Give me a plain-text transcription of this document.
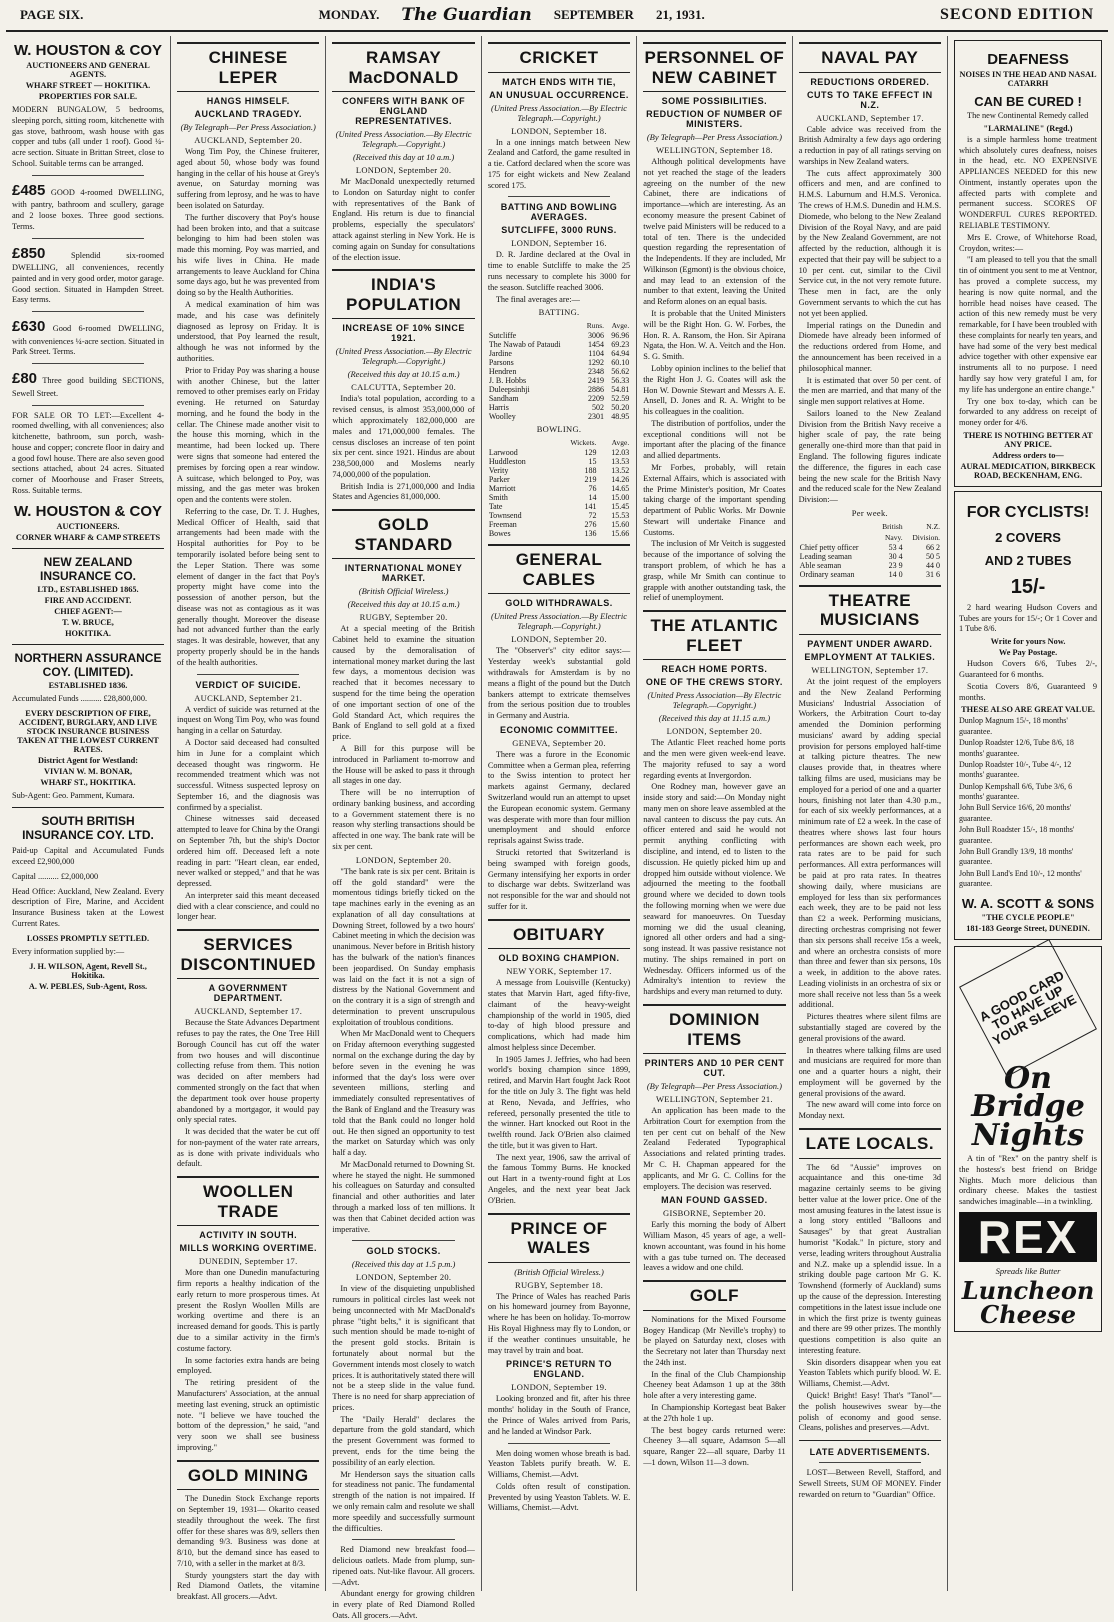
PAGE SIX.	MONDAY. The Guardian SEPTEMBER 21, 1931.	SECOND EDITION
W. HOUSTON & COY
AUCTIONEERS AND GENERAL AGENTS.
WHARF STREET — HOKITIKA.
PROPERTIES FOR SALE.
MODERN BUNGALOW, 5 bedrooms, sleeping porch, sitting room, kitchenette with gas stove, bathroom, wash house with gas copper and tubs (all under 1 roof). Good ¼-acre section. Situate in Brittan Street, close to School. Suitable terms can be arranged.
£485 GOOD 4-roomed DWELLING, with pantry, bathroom and scullery, garage and 2 loose boxes. Three good sections. Terms.
£850	Splendid six-roomed DWELLING, all conveniences, recently painted and in very good order, motor garage. Good section. Situated in Hampden Street. Easy terms.
£630 Good 6-roomed DWELLING, with conveniences ¼-acre section. Situated in Park Street. Terms.
£80 Three good building SECTIONS, Sewell Street.
FOR SALE OR TO LET:—Excellent 4-roomed dwelling, with all conveniences; also kitchenette, bathroom, sun porch, wash-house and copper; concrete floor in dairy and a good fowl house. There are also seven good sections attached, about 24 acres. Situated corner of Moorhouse and Fraser Streets, Ross. Suitable terms.
W. HOUSTON & COY
AUCTIONEERS.
CORNER WHARF & CAMP STREETS
NEW ZEALAND INSURANCE CO.
LTD., ESTABLISHED 1865.
FIRE AND ACCIDENT.
CHIEF AGENT:—
T. W. BRUCE,
HOKITIKA.
NORTHERN ASSURANCE COY. (LIMITED).
ESTABLISHED 1836.
Accumulated Funds .......... £28,800,000.
EVERY DESCRIPTION OF FIRE, ACCIDENT, BURGLARY, AND LIVE STOCK INSURANCE BUSINESS TAKEN AT THE LOWEST CURRENT RATES.
District Agent for Westland:
VIVIAN W. M. BONAR,
WHARF ST., HOKITIKA.
Sub-Agent: Geo. Pamment, Kumara.
SOUTH BRITISH INSURANCE COY. LTD.
Paid-up Capital and Accumulated Funds exceed £2,900,000
Capital .......... £2,000,000
Head Office: Auckland, New Zealand. Every description of Fire, Marine, and Accident Insurance Business taken at the Lowest Current Rates.
LOSSES PROMPTLY SETTLED.
Every information supplied by:—
J. H. WILSON, Agent, Revell St., Hokitika.
A. W. PEBLES, Sub-Agent, Ross.
CHINESE LEPER
HANGS HIMSELF.
AUCKLAND TRAGEDY.
(By Telegraph—Per Press Association.)
AUCKLAND, September 20.

Wong Tim Poy, the Chinese fruiterer, aged about 50, whose body was found hanging in the cellar of his house at Grey's avenue, on Saturday morning was suffering from leprosy, and he was to have been isolated on Saturday.

The further discovery that Poy's house had been broken into, and that a suitcase belonging to him had been stolen was made this morning. Poy was married, and his wife lives in China. He made arrangements to leave Auckland for China some days ago, but he was prevented from doing so by the Health Authorities.

A medical examination of him was made, and his case was definitely diagnosed as leprosy on Friday. It is understood, that Poy learned the result, although he was not informed by the authorities.

Prior to Friday Poy was sharing a house with another Chinese, but the latter removed to other premises early on Friday evening. He returned on Saturday morning, and he found the body in the cellar. The Chinese made another visit to the house this morning, which in the meantime, had been locked up. There were signs that someone had entered the premises by forcing open a rear window. A suitcase, which belonged to Poy, was missing, and the gas meter was broken open and the contents were stolen.

Referring to the case, Dr. T. J. Hughes, Medical Officer of Health, said that arrangements had been made with the Hospital authorities for Poy to be temporarily isolated before being sent to the Leper Station. There was some element of danger in the fact that Poy's property might have come into the possession of another person, but the disease was not as contagious as it was generally thought. Moreover the disease had not advanced further than the early stages. It was desirable, however, that any property properly should be in the hands of the health authorities.

VERDICT OF SUICIDE.
AUCKLAND, September 21.

A verdict of suicide was returned at the inquest on Wong Tim Poy, who was found hanging in a cellar on Saturday.

A Doctor said deceased had consulted him in June for a complaint which deceased thought was ringworm. He recommended treatment which was not successful. Witness suspected leprosy on September 16, and the diagnosis was confirmed by a specialist.

Chinese witnesses said deceased attempted to leave for China by the Orangi on September 7th, but the ship's Doctor ordered him off. Deceased left a note reading in part: "Heart clean, ear ended, never walked or stepped," and that he was depressed.

An interpreter said this meant deceased died with a clear conscience, and could no longer hear.

SERVICES DISCONTINUED
A GOVERNMENT DEPARTMENT.
AUCKLAND, September 17.

Because the State Advances Department refuses to pay the rates, the One Tree Hill Borough Council has cut off the water from two houses and will discontinue collecting refuse from them. This notion was decided on after members had commented strongly on the fact that when the department took over house property abandoned by a mortgagor, it would pay only special rates.

It was decided that the water be cut off for non-payment of the water rate arrears, as is done with private individuals who default.

WOOLLEN TRADE
ACTIVITY IN SOUTH.
MILLS WORKING OVERTIME.
DUNEDIN, September 17.

More than one Dunedin manufacturing firm reports a healthy indication of the early return to more prosperous times. At present the Roslyn Woollen Mills are working overtime and there is an increased demand for goods. This is partly due to a similar activity in the firm's costume factory.

In some factories extra hands are being employed.

The retiring president of the Manufacturers' Association, at the annual meeting last evening, struck an optimistic note. "I believe we have touched the bottom of the depression," he said, "and very soon we shall see business improving."

GOLD MINING

The Dunedin Stock Exchange reports on September 19, 1931— Okarito ceased steadily throughout the week. The first offer for these shares was 8/9, sellers then demanding 9/3. Business was done at 8/10, but the demand since has eased to 7/10, with a seller in the market at 8/3.

Sturdy youngsters start the day with Red Diamond Oatlets, the vitamine breakfast. All grocers.—Advt.

RAMSAY MacDONALD
CONFERS WITH BANK OF ENGLAND REPRESENTATIVES.
(United Press Association.—By Electric Telegraph.—Copyright.)
(Received this day at 10 a.m.)
LONDON, September 20.

Mr MacDonald unexpectedly returned to London on Saturday night to confer with representatives of the Bank of England. His return is due to financial problems, especially the speculators' attack against sterling in New York. He is coming again on Sunday for consultations of the election issue.

INDIA'S POPULATION
INCREASE OF 10% SINCE 1921.
(United Press Association.—By Electric Telegraph.—Copyright.)
(Received this day at 10.15 a.m.)
CALCUTTA, September 20.

India's total population, according to a revised census, is almost 353,000,000 of which approximately 182,000,000 are males and 171,000,000 females. The census discloses an increase of ten point six per cent. since 1921. Hindus are about 238,500,000 and Moslems nearly 74,000,000 of the population.

British India is 271,000,000 and India States and Agencies 81,000,000.

GOLD STANDARD
INTERNATIONAL MONEY MARKET.
(British Official Wireless.)
(Received this day at 10.15 a.m.)
RUGBY, September 20.

At a special meeting of the British Cabinet held to examine the situation caused by the demoralisation of international money market during the last few days, a momentous decision was reached that it becomes necessary to suspend for the time being the operation of one important section of one of the Gold Standard Act, which requires the Bank of England to sell gold at a fixed price.

A Bill for this purpose will be introduced in Parliament to-morrow and the House will be asked to pass it through all stages in one day.

There will be no interruption of ordinary banking business, and according to a Government statement there is no reason why sterling transactions should be affected in one way. The bank rate will be six per cent.

LONDON, September 20.

"The bank rate is six per cent. Britain is off the gold standard" were the momentous tidings briefly ticked on the tape machines early in the evening as an explanation of all day consultations at Downing Street, followed by a two hours' Cabinet meeting in which the decision was unanimous. Never before in British history has the bulwark of the nation's finances been jeopardised. On Sunday emphasis was laid on the fact it is not a sign of distress by the National Government and on the contrary it is a sign of strength and determination to prevent unscrupulous exploitation of troublous conditions.

When Mr MacDonald went to Chequers on Friday afternoon everything suggested normal on the exchange during the day by before seven in the evening he was informed that the day's loss were over seventeen millions, sterling and immediately consulted representatives of the Bank of England and the Treasury was told that the Bank could no longer hold out. He then signed an opportunity to test the market on Saturday which was only half a day.

Mr MacDonald returned to Downing St. where he stayed the night. He summoned his colleagues on Saturday and consulted financial and other authorities and later through a marked loss of ten millions. It was then that Cabinet decided action was imperative.

GOLD STOCKS.
(Received this day at 1.5 p.m.)
LONDON, September 20.

In view of the disquieting unpublished rumours in political circles last week not being unconnected with Mr MacDonald's phrase "tight belts," it is significant that such mention should be made to-night of the present gold stocks. Britain is fortunately about normal but the Government intends most closely to watch prices. It is authoritatively stated there will not be a steep slide in the value fund. There is no need for sharp appreciation of prices.

The "Daily Herald" declares the departure from the gold standard, which the present Government was formed to prevent, ends for the time being the possibility of an early election.

Mr Henderson says the situation calls for steadiness not panic. The fundamental strength of the nation is not impaired. If we only remain calm and resolute we shall more speedily and successfully surmount the difficulties.

Red Diamond new breakfast food—delicious oatlets. Made from plump, sun-ripened oats. Nut-like flavour. All grocers.—Advt.

Abundant energy for growing children in every plate of Red Diamond Rolled Oats. All grocers.—Advt.

CRICKET
MATCH ENDS WITH TIE,
AN UNUSUAL OCCURRENCE.
(United Press Association.—By Electric Telegraph.—Copyright.)
LONDON, September 18.

In a one innings match between New Zealand and Catford, the game resulted in a tie. Catford declared when the score was 175 for eight wickets and New Zealand scored 175.

BATTING AND BOWLING AVERAGES.
SUTCLIFFE, 3000 RUNS.
LONDON, September 16.

D. R. Jardine declared at the Oval in time to enable Sutcliffe to make the 25 runs necessary to complete his 3000 for the season. Sutcliffe reached 3006.

The final averages are:—

BATTING.
	Runs.	Avge.
Sutcliffe	3006	96.96
The Nawab of Pataudi	1454	69.23
Jardine	1104	64.94
Parsons	1292	60.10
Hendren	2348	56.62
J. B. Hobbs	2419	56.33
Duleepsinhji	2886	54.81
Sandham	2209	52.59
Harris	502	50.20
Woolley	2301	48.95
BOWLING.
	Wickets.	Avge.
Larwood	129	12.03
Huddleston	15	13.53
Verity	188	13.52
Parker	219	14.26
Marriott	76	14.65
Smith	14	15.00
Tate	141	15.45
Townsend	72	15.53
Freeman	276	15.60
Bowes	136	15.66
GENERAL CABLES
GOLD WITHDRAWALS.
(United Press Association.—By Electric Telegraph.—Copyright.)
LONDON, September 20.

The "Observer's" city editor says:— Yesterday week's substantial gold withdrawals for Amsterdam is by no means a flight of the pound but the Dutch bankers attempt to extricate themselves from the serious position due to troubles in Germany and Austria.

ECONOMIC COMMITTEE.
GENEVA, September 20.

There was a furore in the Economic Committee when a German plea, referring to the Swiss intention to protect her markets against Germany, declared Switzerland would run an attempt to upset the European economic system. Germany was desperate with more than four million unemployment and should enforce reprisals against Swiss trade.

Strucki retorted that Switzerland is being swamped with foreign goods, Germany intensifying her exports in order to discharge war debts. Switzerland was not responsible for the war and should not suffer for it.

OBITUARY
OLD BOXING CHAMPION.
NEW YORK, September 17.

A message from Louisville (Kentucky) states that Marvin Hart, aged fifty-five, claimant of the heavy-weight championship of the world in 1905, died to-day of high blood pressure and complications, which had made him almost helpless since December.

In 1905 James J. Jeffries, who had been world's boxing champion since 1899, retired, and Marvin Hart fought Jack Root for the title on July 3. The fight was held at Reno, Nevada, and Jeffries, who refereed, personally presented the title to the winner. Hart knocked out Root in the twelfth round. Jack O'Brien also claimed the title, but it was given to Hart.

The next year, 1906, saw the arrival of the famous Tommy Burns. He knocked out Hart in a twenty-round fight at Los Angeles, and the next year beat Jack O'Brien.

PRINCE OF WALES
(British Official Wireless.)
RUGBY, September 18.

The Prince of Wales has reached Paris on his homeward journey from Bayonne, where he has been on holiday. To-morrow His Royal Highness may fly to London, or if the weather continues unsuitable, he may travel by train and boat.

PRINCE'S RETURN TO ENGLAND.
LONDON, September 19.

Looking bronzed and fit, after his three months' holiday in the South of France, the Prince of Wales arrived from Paris, and he landed at Windsor Park.

Men doing women whose breath is bad. Yeaston Tablets purify breath. W. E. Williams, Chemist.—Advt.

Colds often result of constipation. Prevented by using Yeaston Tablets. W. E. Williams, Chemist.—Advt.

PERSONNEL OF NEW CABINET
SOME POSSIBILITIES.
REDUCTION OF NUMBER OF MINISTERS.
(By Telegraph—Per Press Association.)
WELLINGTON, September 18.

Although political developments have not yet reached the stage of the leaders agreeing on the number of the new Cabinet, there are indications of importance—which are interesting. As an economy measure the present Cabinet of twelve paid Ministers will be reduced to a total of ten. There is the undecided question regarding the representation of the Independents. If they are included, Mr Wilkinson (Egmont) is the obvious choice, and may lead to an extension of the number to that extent, leaving the United and Reform alones on an equal basis.

It is probable that the United Ministers will be the Right Hon. G. W. Forbes, the Hon. R. A. Ransom, the Hon. Sir Apirana Ngata, the Hon. W. A. Veitch and the Hon. S. G. Smith.

Lobby opinion inclines to the belief that the Right Hon J. G. Coates will ask the Hon W. Downie Stewart and Messrs A. E. Ansell, D. Jones and R. A. Wright to be his colleagues in the coalition.

The distribution of portfolios, under the exceptional conditions will not be important after the placing of the finance and allied departments.

Mr Forbes, probably, will retain External Affairs, which is associated with the Prime Minister's position, Mr Coates taking charge of the important spending department of Public Works. Mr Downie Stewart will undertake Finance and Customs.

The inclusion of Mr Veitch is suggested because of the importance of solving the transport problem, of which he has a grasp, while Mr Smith can continue to grapple with another outstanding task, the relief of unemployment.

THE ATLANTIC FLEET
REACH HOME PORTS.
ONE OF THE CREWS STORY.
(United Press Association—By Electric Telegraph.—Copyright.)
(Received this day at 11.15 a.m.)
LONDON, September 20.

The Atlantic Fleet reached home ports and the men were given week-end leave. The majority refused to say a word regarding events at Invergordon.

One Rodney man, however gave an inside story and said:—On Monday night many men on shore leave assembled at the naval canteen to discuss the pay cuts. An officer entered and said he would not permit anything conflicting with discipline, and intend, ed to listen to the discussion. He quietly picked him up and dropped him outside without violence. We adjourned the meeting to the football ground where we decided to down tools the following morning when we were due seaward for manoeuvres. On Tuesday morning we did the usual cleaning, ignored all other orders and had a sing-song instead. It was passive resistance not mutiny. The ships remained in port on Wednesday. Officers informed us of the Admiralty's intention to review the hardships and every man returned to duty.

DOMINION ITEMS
PRINTERS AND 10 PER CENT CUT.
(By Telegraph—Per Press Association.)
WELLINGTON, September 21.

An application has been made to the Arbitration Court for exemption from the ten per cent cut on behalf of the New Zealand Federated Typographical Associations and related printing trades. Mr C. H. Chapman appeared for the applicants, and Mr G. C. Collins for the employers. The decision was reserved.

MAN FOUND GASSED.
GISBORNE, September 20.

Early this morning the body of Albert William Mason, 45 years of age, a well-known accountant, was found in his home with a gas tube turned on. The deceased leaves a widow and one child.

GOLF

Nominations for the Mixed Foursome Bogey Handicap (Mr Neville's trophy) to be played on Saturday next, closes with the Secretary not later than Thursday next the 24th inst.

In the final of the Club Championship Cheeney beat Adamson 1 up at the 38th hole after a very interesting game.

In Championship Kortegast beat Baker at the 27th hole 1 up.

The best bogey cards returned were: Cheeney 3—all square, Adamson 5—all square, Ranger 22—all square, Darby 11—1 down, Wilson 11—3 down.

NAVAL PAY
REDUCTIONS ORDERED.
CUTS TO TAKE EFFECT IN N.Z.
AUCKLAND, September 17.

Cable advice was received from the British Admiralty a few days ago ordering a reduction in pay of all ratings serving on warships in New Zealand waters.

The cuts affect approximately 300 officers and men, and are confined to H.M.S. Laburnum and H.M.S. Veronica. The crews of H.M.S. Dunedin and H.M.S. Diomede, who belong to the New Zealand Division of the Royal Navy, and are paid by the New Zealand Government, are not affected by the reduction, although it is expected that their pay will be subject to a 10 per cent. cut, similar to the Civil Service cut, in the not very remote future. These men in fact, are the only Government servants to which the cut has not yet been applied.

Imperial ratings on the Dunedin and Diomede have already been informed of the reductions ordered from Home, and the announcement has been received in a philosophical manner.

It is estimated that over 50 per cent. of the men are married, and that many of the single men support relatives at Home.

Sailors loaned to the New Zealand Division from the British Navy receive a higher scale of pay, the rate being generally one-third more than that paid in England. The following figures indicate the difference, the figures in each case being the new scale for the British Navy and the reduced scale for the New Zealand Division:—

Per week.
	British	N.Z.
	Navy.	Division.
Chief petty officer	53 4	66 2
Leading seaman	30 4	50 5
Able seaman	23 9	44 0
Ordinary seaman	14 0	31 6
THEATRE MUSICIANS
PAYMENT UNDER AWARD.
EMPLOYMENT AT TALKIES.
WELLINGTON, September 17.

At the joint request of the employers and the New Zealand Performing Musicians' Industrial Association of Workers, the Arbitration Court to-day amended the Dominion performing musicians' award by adding special provision for persons employed half-time at talking picture theatres. The new clauses provide that, in theatres where talking films are used, musicians may be employed for a period of one and a quarter hours, finishing not later than 4.30 p.m., for each of six weekly performances, at a minimum rate of £2 a week. In the case of theatres where shows last four hours performances are shown each week, pro rata rates are to be paid for such performances. All extra performances will be paid at pro rata rates. In theatres showing daily, where musicians are employed for less than six performances each week, they are to be paid not less than £2 a week. Performing musicians, directing orchestras comprising not fewer than six persons shall receive 15s a week, and where an orchestra consists of more than three and fewer than six persons, 10s a week, in addition to the above rates. Leading violinists in an orchestra of six or more shall receive not less than 5s a week additional.

Pictures theatres where silent films are substantially staged are covered by the general provisions of the award.

In theatres where talking films are used and musicians are required for more than one and a quarter hours a night, their employment will be governed by the general provisions of the award.

The new award will come into force on Monday next.

LATE LOCALS.

The 6d "Aussie" improves on acquaintance and this one-time 3d magazine certainly seems to be giving better value at the lower price. One of the most amusing features in the latest issue is a long story entitled "Balloons and Sausages" by that great Australian humorist "Kodak." In picture, story and verse, leading writers throughout Australia and N.Z. make up a splendid issue. In a striking double page cartoon Mr G. K. Townshend (formerly of Auckland) sums up the cause of the depression. Interesting competitions in the latest issue include one in which the first prize is twenty guineas and there are 99 other prizes. The monthly questions competition is also quite an interesting feature.

Skin disorders disappear when you eat Yeaston Tablets which purify blood. W. E. Williams, Chemist.—Advt.

Quick! Bright! Easy! That's "Tanol"—the polish housewives swear by—the polish of economy and good sense. Cleans, polishes and preserves.—Advt.

LATE ADVERTISEMENTS.

LOST—Between Revell, Stafford, and Sewell Streets, SUM OF MONEY. Finder rewarded on return to "Guardian" Office.

DEAFNESS
NOISES IN THE HEAD AND NASAL CATARRH
CAN BE CURED !

The new Continental Remedy called

"LARMALINE" (Regd.)

is a simple harmless home treatment which absolutely cures deafness, noises in the head, etc. NO EXPENSIVE APPLIANCES NEEDED for this new Ointment, instantly operates upon the affected parts with complete and permanent success. SCORES OF WONDERFUL CURES REPORTED. RELIABLE TESTIMONY.

Mrs E. Crowe, of Whitehorse Road, Croydon, writes:—

"I am pleased to tell you that the small tin of ointment you sent to me at Ventnor, has proved a complete success, my hearing is now quite normal, and the horrible head noises have ceased. The action of this new remedy must be very remarkable, for I have been troubled with these complaints for nearly ten years, and have had some of the very best medical advice together with other expensive ear instruments all to no purpose. I need hardly say how very grateful I am, for my life has undergone an entire change."

Try one box to-day, which can be forwarded to any address on receipt of money order for 4/6.

THERE IS NOTHING BETTER AT ANY PRICE.
Address orders to—
AURAL MEDICATION, BIRKBECK ROAD, BECKENHAM, ENG.
FOR CYCLISTS!
2 COVERS
AND 2 TUBES
15/-

2 hard wearing Hudson Covers and Tubes are yours for 15/-; Or 1 Cover and 1 Tube 8/6.

Write for yours Now.
We Pay Postage.

Hudson Covers 6/6, Tubes 2/-, Guaranteed for 6 months.

Scotia Covers 8/6, Guaranteed 9 months.

THESE ALSO ARE GREAT VALUE.
Dunlop Magnum 15/-, 18 months' guarantee.
Dunlop Roadster 12/6, Tube 8/6, 18 months' guarantee.
Dunlop Roadster 10/-, Tube 4/-, 12 months' guarantee.
Dunlop Kempshall 6/6, Tube 3/6, 6 months' guarantee.
John Bull Service 16/6, 20 months' guarantee.
John Bull Roadster 15/-, 18 months' guarantee.
John Bull Grandly 13/9, 18 months' guarantee.
John Bull Land's End 10/-, 12 months' guarantee.
W. A. SCOTT & SONS
"THE CYCLE PEOPLE"
181-183 George Street, DUNEDIN.
A GOOD CARD TO HAVE UP YOUR SLEEVE
On Bridge Nights

A tin of "Rex" on the pantry shelf is the hostess's best friend on Bridge Nights. Much more delicious than ordinary cheese. Makes the tastiest sandwiches imaginable—in a twinkling.

REX
Spreads like Butter
Luncheon Cheese
